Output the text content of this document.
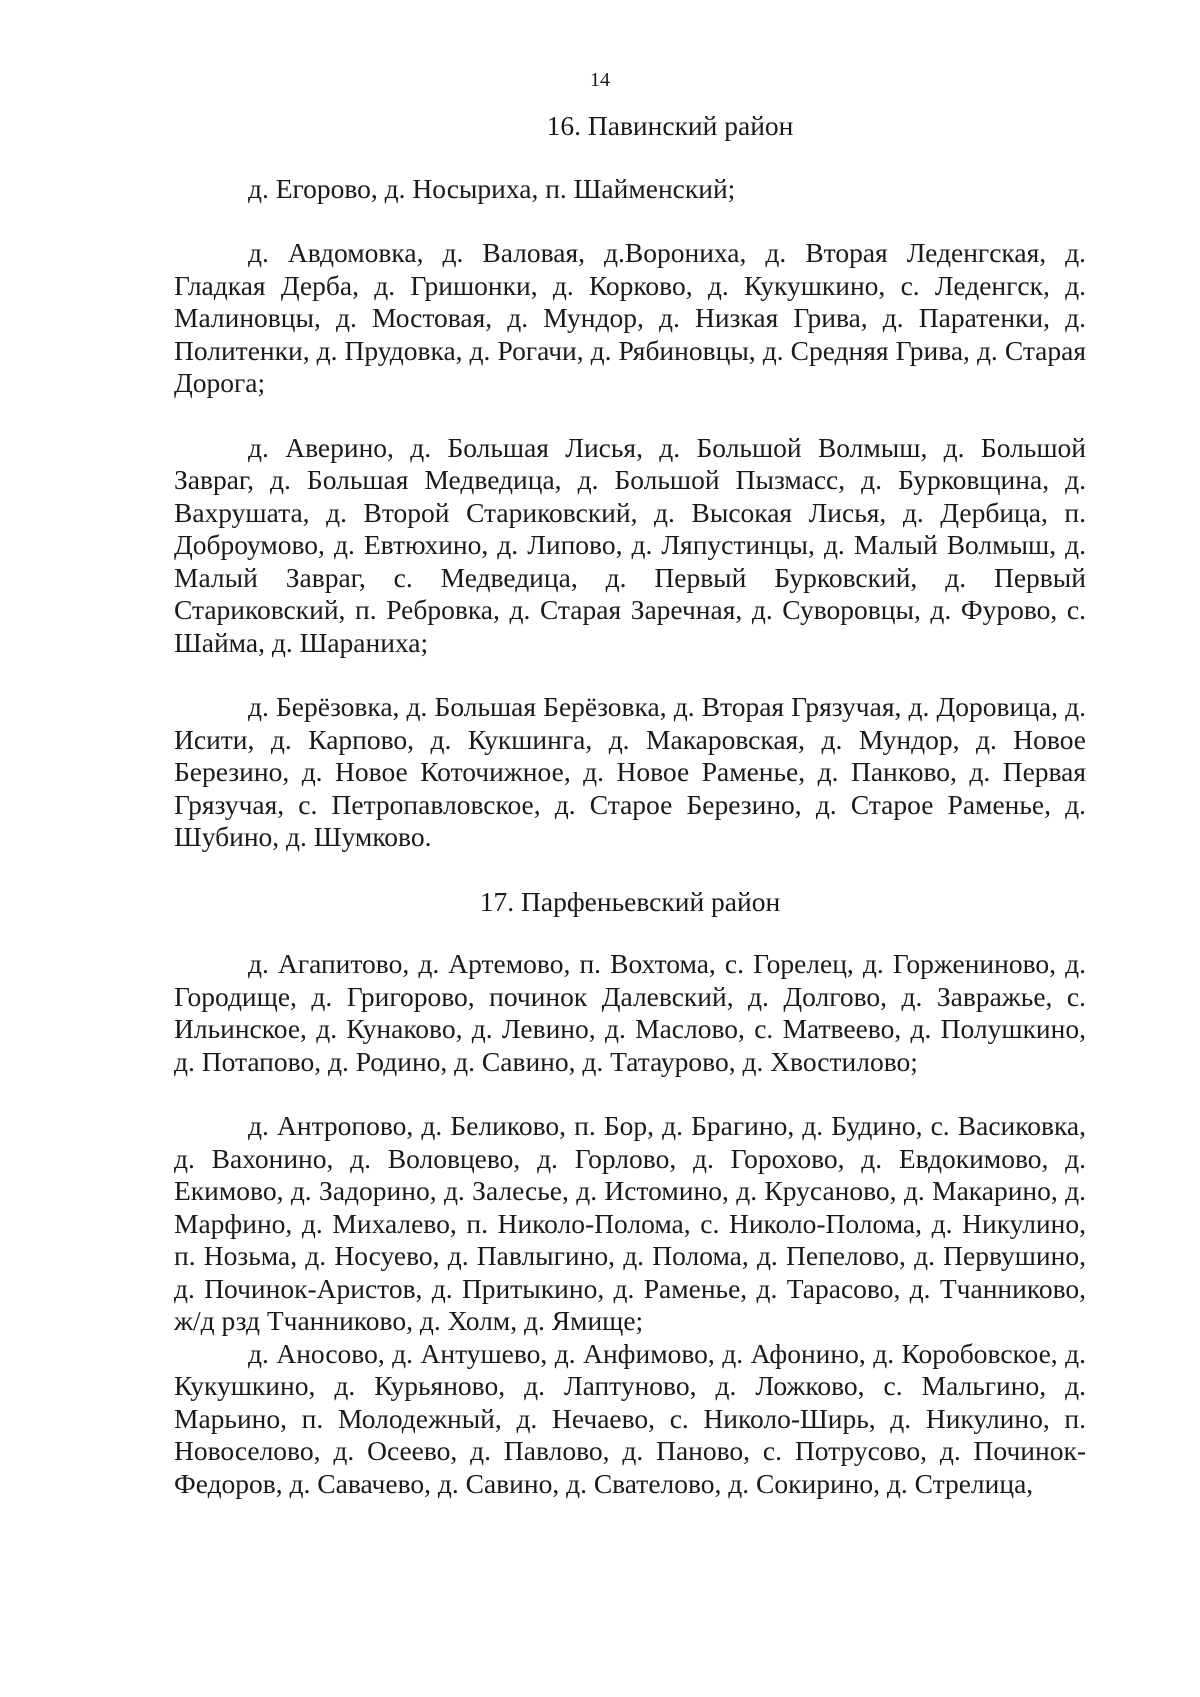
14
16. Павинский район

д. Егорово, д. Носыриха, п. Шайменский;

д. Авдомовка, д. Валовая, д.Ворониха, д. Вторая Леденгская, д. Гладкая Дерба, д. Гришонки, д. Корково, д. Кукушкино, с. Леденгск, д. Малиновцы, д. Мостовая, д. Мундор, д. Низкая Грива, д. Паратенки, д. Политенки, д. Прудовка, д. Рогачи, д. Рябиновцы, д. Средняя Грива, д. Старая Дорога;

д. Аверино, д. Большая Лисья, д. Большой Волмыш, д. Большой Завраг, д. Большая Медведица, д. Большой Пызмасс, д. Бурковщина, д. Вахрушата, д. Второй Стариковский, д. Высокая Лисья, д. Дербица, п. Доброумово, д. Евтюхино, д. Липово, д. Ляпустинцы, д. Малый Волмыш, д. Малый Завраг, с. Медведица, д. Первый Бурковский, д. Первый Стариковский, п. Ребровка, д. Старая Заречная, д. Суворовцы, д. Фурово, с. Шайма, д. Шараниха;

д. Берёзовка, д. Большая Берёзовка, д. Вторая Грязучая, д. Доровица, д. Исити, д. Карпово, д. Кукшинга, д. Макаровская, д. Мундор, д. Новое Березино, д. Новое Коточижное, д. Новое Раменье, д. Панково, д. Первая Грязучая, с. Петропавловское, д. Старое Березино, д. Старое Раменье, д. Шубино, д. Шумково.

17. Парфеньевский район

д. Агапитово, д. Артемово, п. Вохтома, с. Горелец, д. Горжениново, д. Городище, д. Григорово, починок Далевский, д. Долгово, д. Завражье, с. Ильинское, д. Кунаково, д. Левино, д. Маслово, с. Матвеево, д. Полушкино, д. Потапово, д. Родино, д. Савино, д. Татаурово, д. Хвостилово;

д. Антропово, д. Беликово, п. Бор, д. Брагино, д. Будино, с. Васиковка, д. Вахонино, д. Воловцево, д. Горлово, д. Горохово, д. Евдокимово, д. Екимово, д. Задорино, д. Залесье, д. Истомино, д. Крусаново, д. Макарино, д. Марфино, д. Михалево, п. Николо-Полома, с. Николо-Полома, д. Никулино, п. Нозьма, д. Носуево, д. Павлыгино, д. Полома, д. Пепелово, д. Первушино, д. Починок-Аристов, д. Притыкино, д. Раменье, д. Тарасово, д. Тчанниково, ж/д рзд Тчанниково, д. Холм, д. Ямище;

д. Аносово, д. Антушево, д. Анфимово, д. Афонино, д. Коробовское, д. Кукушкино, д. Курьяново, д. Лаптуново, д. Ложково, с. Мальгино, д. Марьино, п. Молодежный, д. Нечаево, с. Николо-Ширь, д. Никулино, п. Новоселово, д. Осеево, д. Павлово, д. Паново, с. Потрусово, д. Починок-Федоров, д. Савачево, д. Савино, д. Свателово, д. Сокирино, д. Стрелица,
